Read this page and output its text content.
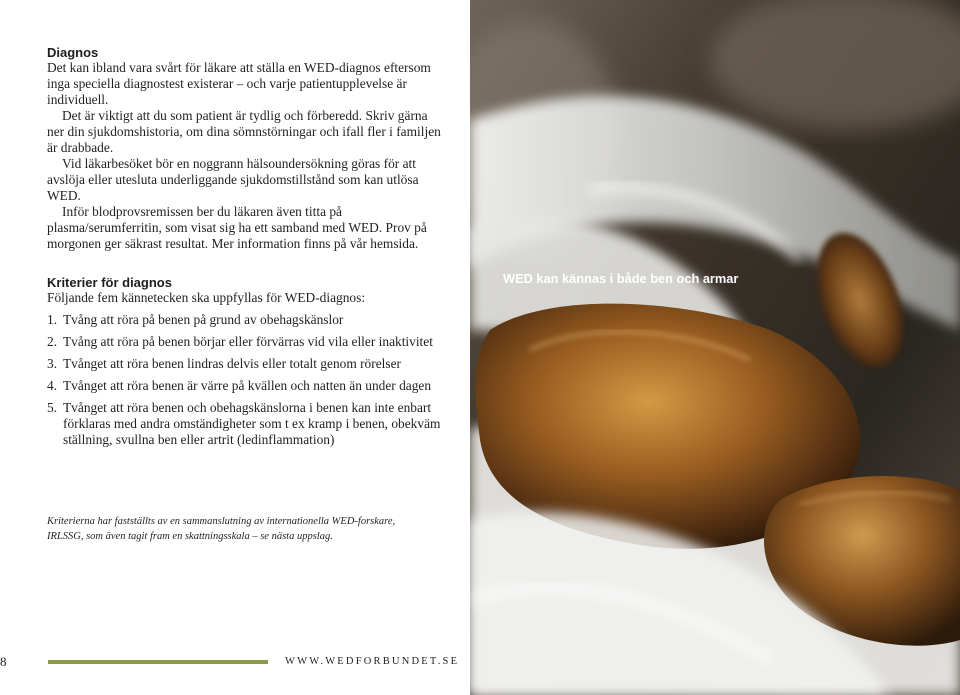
Diagnos

Det kan ibland vara svårt för läkare att ställa en WED-diagnos eftersom inga speciella diagnostest existerar – och varje patientupplevelse är individuell.

Det är viktigt att du som patient är tydlig och förberedd. Skriv gärna ner din sjukdomshistoria, om dina sömnstörningar och ifall fler i familjen är drabbade.

Vid läkarbesöket bör en noggrann hälsoundersökning göras för att avslöja eller utesluta underliggande sjukdomstillstånd som kan utlösa WED.

Inför blodprovsremissen ber du läkaren även titta på plasma/serumferritin, som visat sig ha ett samband med WED. Prov på morgonen ger säkrast resultat. Mer information finns på vår hemsida.

Kriterier för diagnos

Följande fem kännetecken ska uppfyllas för WED-diagnos:

1. Tvång att röra på benen på grund av obehagskänslor
2. Tvång att röra på benen börjar eller förvärras vid vila eller inaktivitet
3. Tvånget att röra benen lindras delvis eller totalt genom rörelser
4. Tvånget att röra benen är värre på kvällen och natten än under dagen
5. Tvånget att röra benen och obehagskänslorna i benen kan inte enbart förklaras med andra omständigheter som t ex kramp i benen, obekväm ställning, svullna ben eller artrit (ledinflammation)

Kriterierna har fastställts av en sammanslutning av internationella WED-forskare, IRLSSG, som även tagit fram en skattningsskala – se nästa uppslag.

8	WWW.WEDFORBUNDET.SE

WED kan kännas i både ben och armar
